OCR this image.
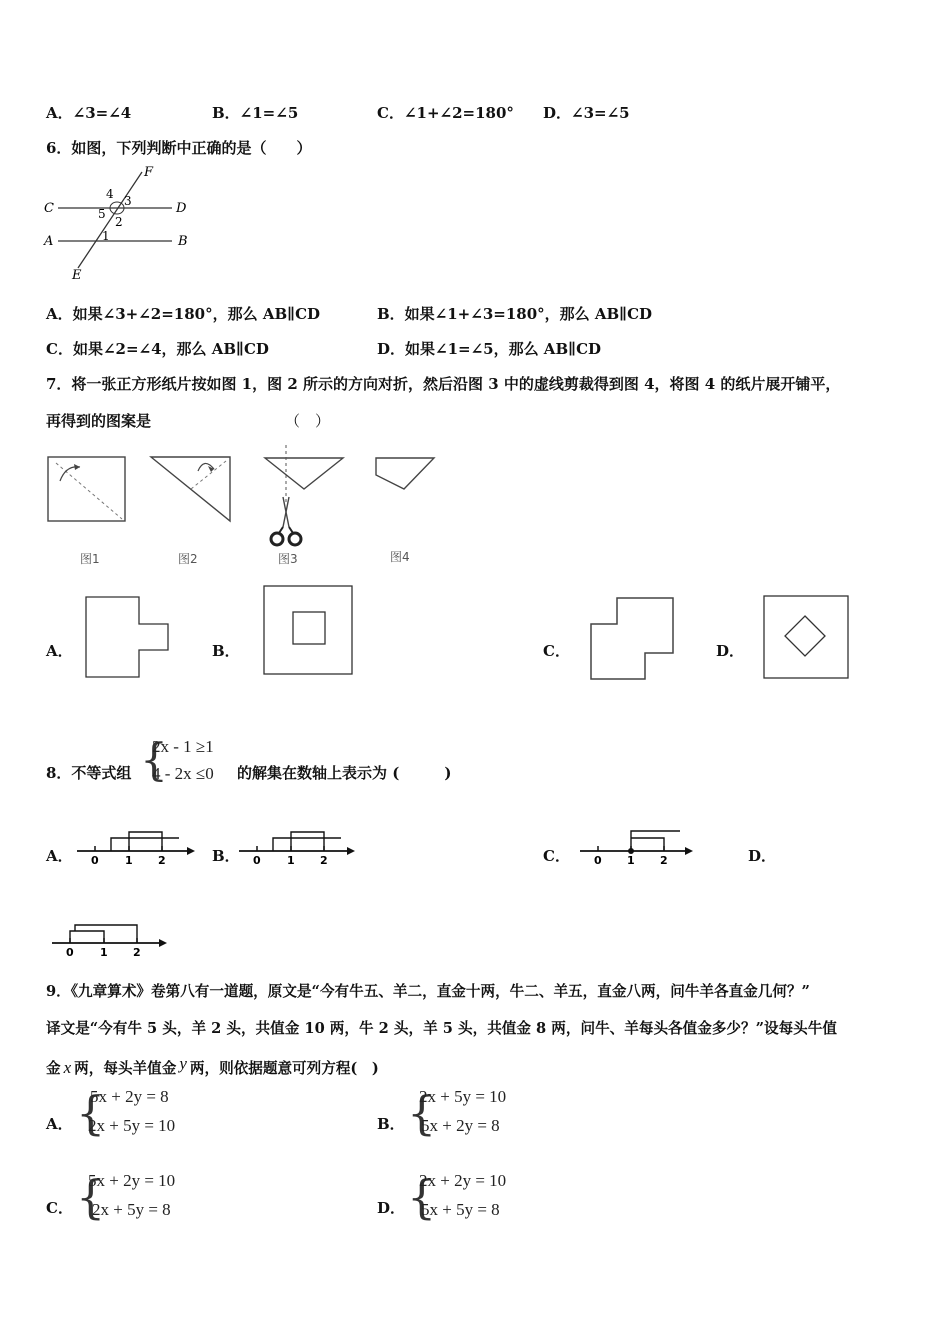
A．∠3=∠4	B．∠1=∠5	C．∠1+∠2=180° D．∠3=∠5
6．如图，下列判断中正确的是（　　）
F
C	D
A	B
E
4 3
5
2
1
A．如果∠3+∠2=180°，那么 AB∥CD	B．如果∠1+∠3=180°，那么 AB∥CD
C．如果∠2=∠4，那么 AB∥CD	D．如果∠1=∠5，那么 AB∥CD
7．将一张正方形纸片按如图 1，图 2 所示的方向对折，然后沿图 3 中的虚线剪裁得到图 4，将图 4 的纸片展开铺平，
再得到的图案是	（　）
图1	图2	图3	图4
A．	B．	C．	D．
8．不等式组 {
2x - 1 ≥1
4 - 2x ≤0 的解集在数轴上表示为 (　　　)
A． 0 1 2	B． 0 1 2	C． 0 1 2	D．
0 1 2
9．《九章算术》卷第八有一道题，原文是“今有牛五、羊二，直金十两，牛二、羊五，直金八两，问牛羊各直金几何？”
译文是“今有牛 5 头，羊 2 头，共值金 10 两，牛 2 头，羊 5 头，共值金 8 两，问牛、羊每头各值金多少？”设每头牛值
金 x 两，每头羊值金 y 两，则依据题意可列方程(　)
A． {
5x + 2y = 8
2x + 5y = 10	B． {
2x + 5y = 10
5x + 2y = 8
C． {
5x + 2y = 10
2x + 5y = 8	D． {
2x + 2y = 10
5x + 5y = 8
